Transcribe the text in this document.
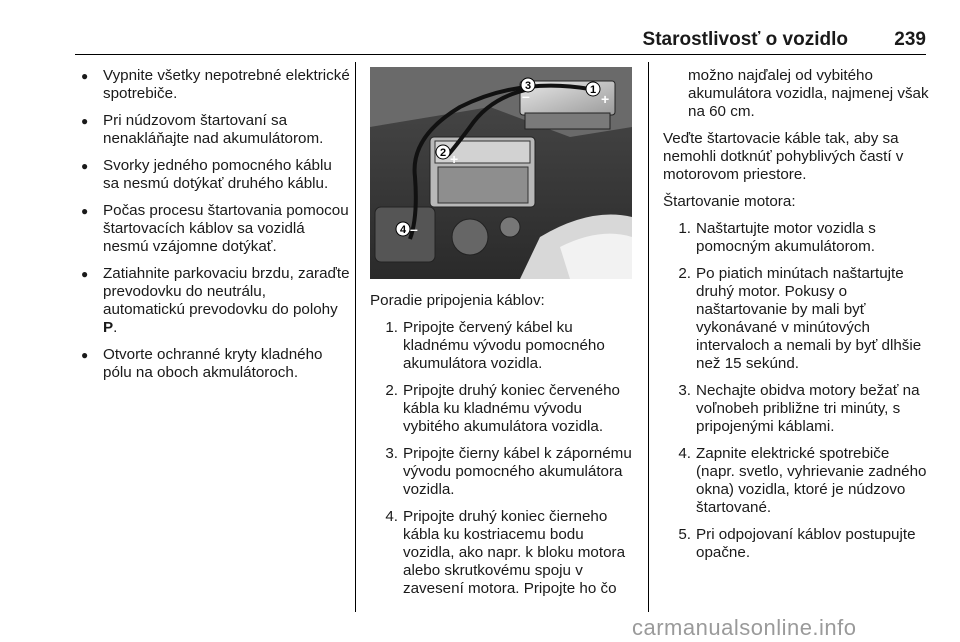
Starostlivosť o vozidlo 239
● Vypnite všetky nepotrebné elektrické spotrebiče.
● Pri núdzovom štartovaní sa nenakláňajte nad akumulátorom.
● Svorky jedného pomocného káblu sa nesmú dotýkať druhého káblu.
● Počas procesu štartovania pomocou štartovacích káblov sa vozidlá nesmú vzájomne dotýkať.
● Zatiahnite parkovaciu brzdu, zaraďte prevodovku do neutrálu, automatickú prevodovku do polohy P.
● Otvorte ochranné kryty kladného pólu na oboch akmulátoroch.
1
+
2 +
3
–
4 –

Poradie pripojenia káblov:

1. Pripojte červený kábel ku kladnému vývodu pomocného akumulátora vozidla.
2. Pripojte druhý koniec červeného kábla ku kladnému vývodu vybitého akumulátora vozidla.
3. Pripojte čierny kábel k zápornému vývodu pomocného akumulátora vozidla.
4. Pripojte druhý koniec čierneho kábla ku kostriacemu bodu vozidla, ako napr. k bloku motora alebo skrutkovému spoju v zavesení motora. Pripojte ho čo

možno najďalej od vybitého akumulátora vozidla, najmenej však na 60 cm.

Veďte štartovacie káble tak, aby sa nemohli dotknúť pohyblivých častí v motorovom priestore.

Štartovanie motora:

1. Naštartujte motor vozidla s pomocným akumulátorom.
2. Po piatich minútach naštartujte druhý motor. Pokusy o naštartovanie by mali byť vykonávané v minútových intervaloch a nemali by byť dlhšie než 15 sekúnd.
3. Nechajte obidva motory bežať na voľnobeh približne tri minúty, s pripojenými káblami.
4. Zapnite elektrické spotrebiče (napr. svetlo, vyhrievanie zadného okna) vozidla, ktoré je núdzovo štartované.
5. Pri odpojovaní káblov postupujte opačne.
carmanualsonline.info
